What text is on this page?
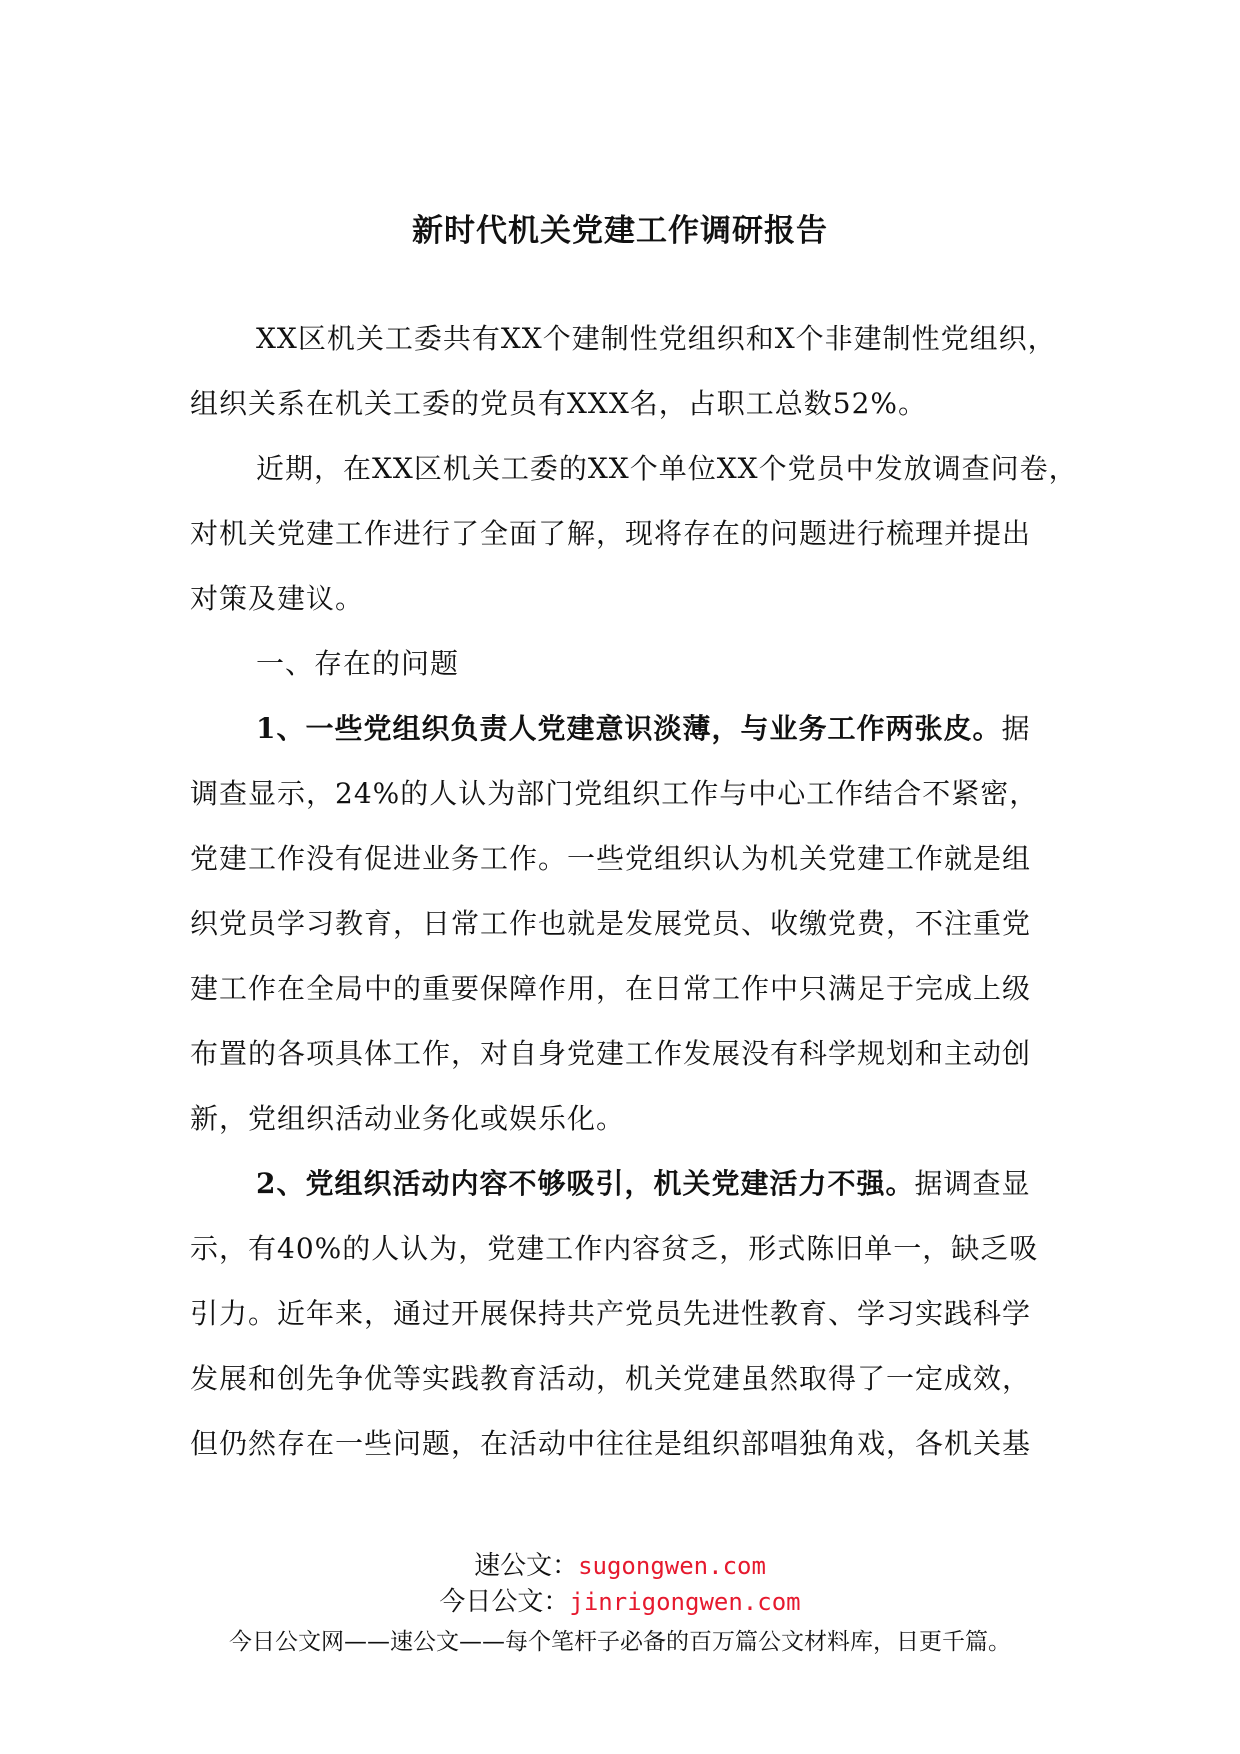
新时代机关党建工作调研报告
XX区机关工委共有XX个建制性党组织和X个非建制性党组织，
组织关系在机关工委的党员有XXX名，占职工总数52%。
近期，在XX区机关工委的XX个单位XX个党员中发放调查问卷，
对机关党建工作进行了全面了解，现将存在的问题进行梳理并提出
对策及建议。
一、存在的问题
1、一些党组织负责人党建意识淡薄，与业务工作两张皮。据
调查显示，24%的人认为部门党组织工作与中心工作结合不紧密，
党建工作没有促进业务工作。一些党组织认为机关党建工作就是组
织党员学习教育，日常工作也就是发展党员、收缴党费，不注重党
建工作在全局中的重要保障作用，在日常工作中只满足于完成上级
布置的各项具体工作，对自身党建工作发展没有科学规划和主动创
新，党组织活动业务化或娱乐化。
2、党组织活动内容不够吸引，机关党建活力不强。据调查显
示，有40%的人认为，党建工作内容贫乏，形式陈旧单一，缺乏吸
引力。近年来，通过开展保持共产党员先进性教育、学习实践科学
发展和创先争优等实践教育活动，机关党建虽然取得了一定成效，
但仍然存在一些问题，在活动中往往是组织部唱独角戏，各机关基
速公文：sugongwen.com
今日公文：jinrigongwen.com
今日公文网——速公文——每个笔杆子必备的百万篇公文材料库，日更千篇。
